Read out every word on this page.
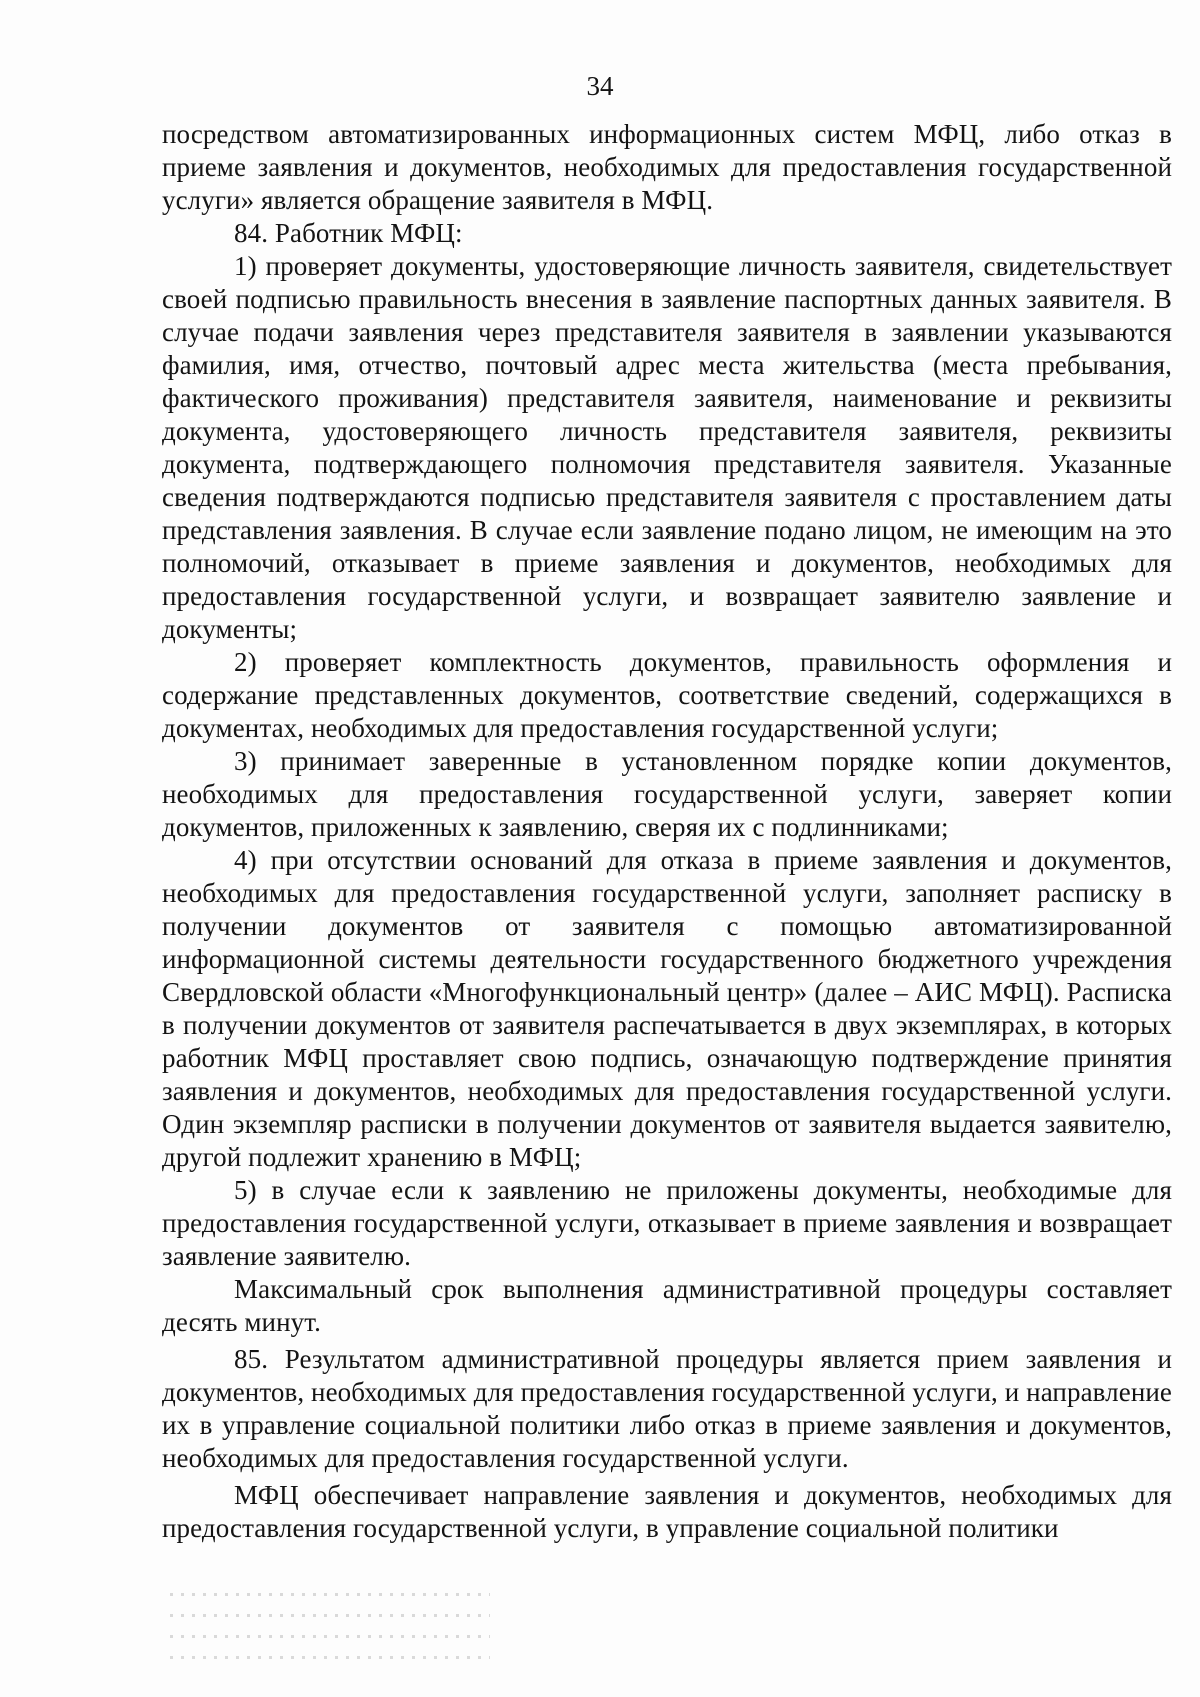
34

посредством автоматизированных информационных систем МФЦ, либо отказ в приеме заявления и документов, необходимых для предоставления государственной услуги» является обращение заявителя в МФЦ.

84. Работник МФЦ:

1) проверяет документы, удостоверяющие личность заявителя, свидетельствует своей подписью правильность внесения в заявление паспортных данных заявителя. В случае подачи заявления через представителя заявителя в заявлении указываются фамилия, имя, отчество, почтовый адрес места жительства (места пребывания, фактического проживания) представителя заявителя, наименование и реквизиты документа, удостоверяющего личность представителя заявителя, реквизиты документа, подтверждающего полномочия представителя заявителя. Указанные сведения подтверждаются подписью представителя заявителя с проставлением даты представления заявления. В случае если заявление подано лицом, не имеющим на это полномочий, отказывает в приеме заявления и документов, необходимых для предоставления государственной услуги, и возвращает заявителю заявление и документы;

2) проверяет комплектность документов, правильность оформления и содержание представленных документов, соответствие сведений, содержащихся в документах, необходимых для предоставления государственной услуги;

3) принимает заверенные в установленном порядке копии документов, необходимых для предоставления государственной услуги, заверяет копии документов, приложенных к заявлению, сверяя их с подлинниками;

4) при отсутствии оснований для отказа в приеме заявления и документов, необходимых для предоставления государственной услуги, заполняет расписку в получении документов от заявителя с помощью автоматизированной информационной системы деятельности государственного бюджетного учреждения Свердловской области «Многофункциональный центр» (далее – АИС МФЦ). Расписка в получении документов от заявителя распечатывается в двух экземплярах, в которых работник МФЦ проставляет свою подпись, означающую подтверждение принятия заявления и документов, необходимых для предоставления государственной услуги. Один экземпляр расписки в получении документов от заявителя выдается заявителю, другой подлежит хранению в МФЦ;

5) в случае если к заявлению не приложены документы, необходимые для предоставления государственной услуги, отказывает в приеме заявления и возвращает заявление заявителю.

Максимальный срок выполнения административной процедуры составляет десять минут.

85. Результатом административной процедуры является прием заявления и документов, необходимых для предоставления государственной услуги, и направление их в управление социальной политики либо отказ в приеме заявления и документов, необходимых для предоставления государственной услуги.

МФЦ обеспечивает направление заявления и документов, необходимых для предоставления государственной услуги, в управление социальной политики
